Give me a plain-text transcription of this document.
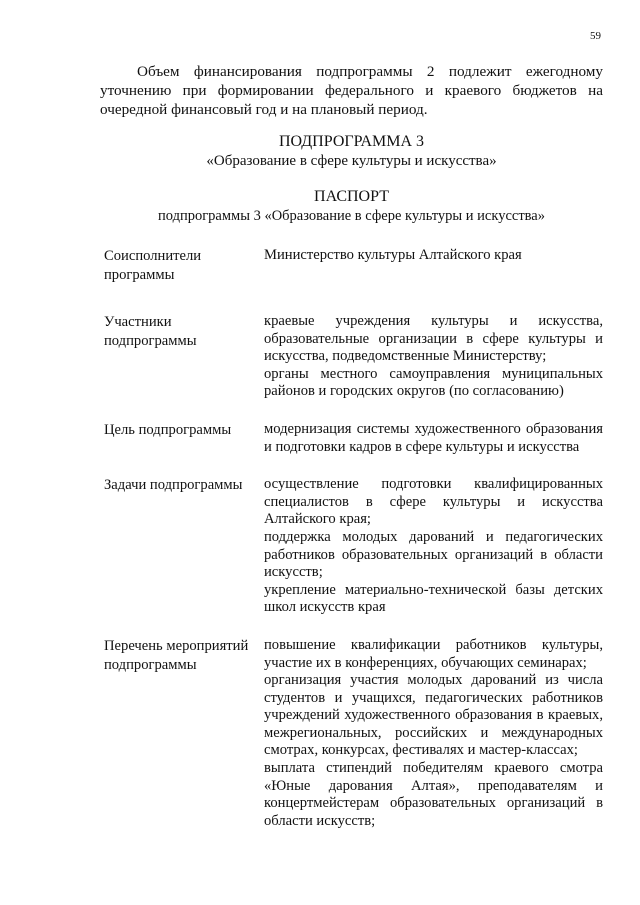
59

Объем финансирования подпрограммы 2 подлежит ежегодному уточнению при формировании федерального и краевого бюджетов на очередной финансовый год и на плановый период.

ПОДПРОГРАММА 3

«Образование в сфере культуры и искусства»

ПАСПОРТ

подпрограммы 3 «Образование в сфере культуры и искусства»

Соисполнители
программы

Министерство культуры Алтайского края

Участники
подпрограммы

краевые учреждения культуры и искусства, образовательные организации в сфере культуры и искусства, подведомственные Министерству;

органы местного самоуправления муниципальных районов и городских округов (по согласованию)

Цель подпрограммы	модернизация системы художественного образования и подготовки кадров в сфере культуры и искусства

Задачи подпрограммы	осуществление подготовки квалифицированных специалистов в сфере культуры и искусства Алтайского края;

поддержка молодых дарований и педагогических работников образовательных организаций в области искусств;

укрепление материально-технической базы детских школ искусств края

Перечень мероприятий подпрограммы

повышение квалификации работников культуры, участие их в конференциях, обучающих семинарах;

организация участия молодых дарований из числа студентов и учащихся, педагогических работников учреждений художественного образования в краевых, межрегиональных, российских и международных смотрах, конкурсах, фестивалях и мастер-классах;

выплата стипендий победителям краевого смотра «Юные дарования Алтая», преподавателям и концертмейстерам образовательных организаций в области искусств;
